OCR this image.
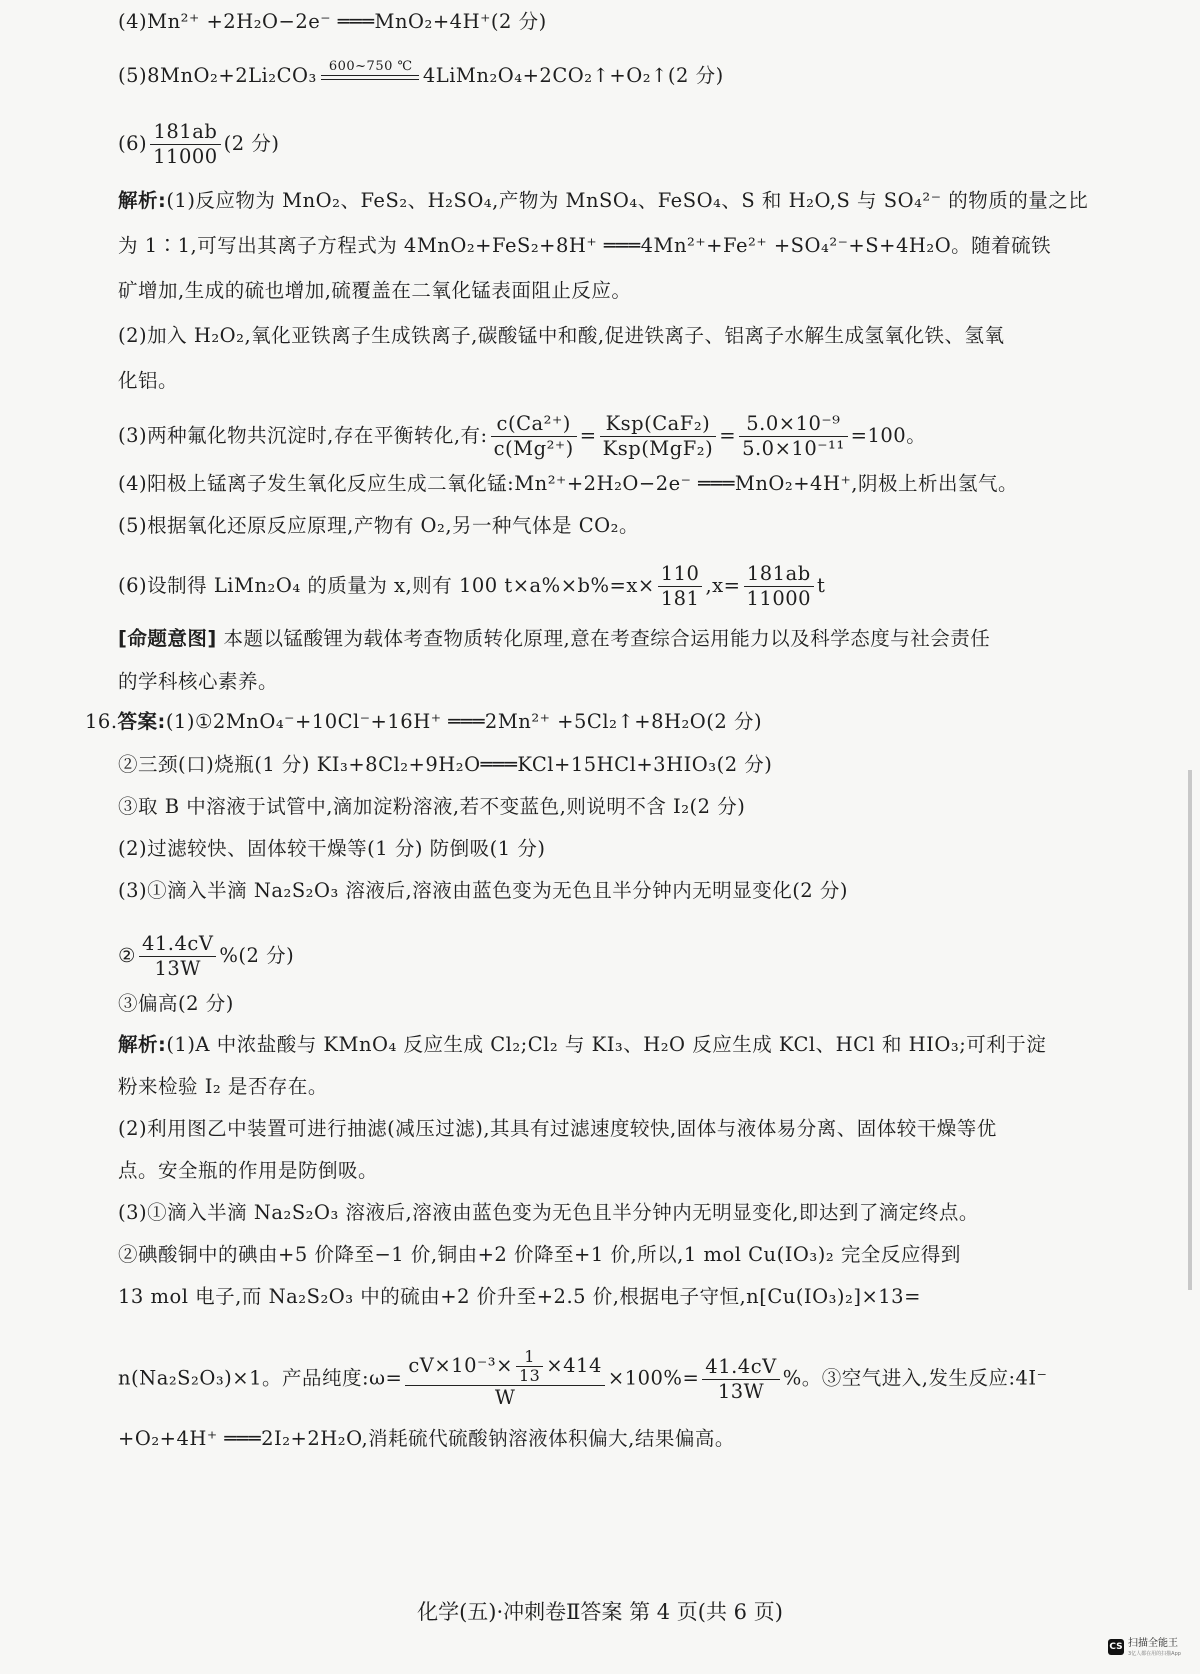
(4)Mn²⁺ +2H₂O−2e⁻ ═══MnO₂+4H⁺(2 分)
(5)8MnO₂+2Li₂CO₃ 600~750 ℃ 4LiMn₂O₄+2CO₂↑+O₂↑(2 分)
$(6) \frac{181ab}{11000} (2$ 分)
解析:(1)反应物为 MnO₂、FeS₂、H₂SO₄,产物为 MnSO₄、FeSO₄、S 和 H₂O,S 与 SO₄²⁻ 的物质的量之比
为 1∶1,可写出其离子方程式为 4MnO₂+FeS₂+8H⁺ ═══4Mn²⁺+Fe²⁺ +SO₄²⁻+S+4H₂O。随着硫铁
矿增加,生成的硫也增加,硫覆盖在二氧化锰表面阻止反应。
(2)加入 H₂O₂,氧化亚铁离子生成铁离子,碳酸锰中和酸,促进铁离子、铝离子水解生成氢氧化铁、氢氧
化铝。
(3)两种氟化物共沉淀时,存在平衡转化,有: $\frac{\text{c(Ca²⁺)}}{\text{c(Mg²⁺)}} = \frac{\text{Ksp(CaF₂)}}{\text{Ksp(MgF₂)}} = \frac{\text{5.0×10⁻⁹}}{\text{5.0×10⁻¹¹}} =100$。
(4)阳极上锰离子发生氧化反应生成二氧化锰:Mn²⁺+2H₂O−2e⁻ ═══MnO₂+4H⁺,阴极上析出氢气。
(5)根据氧化还原反应原理,产物有 O₂,另一种气体是 CO₂。
(6)设制得 LiMn₂O₄ 的质量为 x,则有 100 $t\times a\%\times b\%=x\times \frac{110}{181} ,x= \frac{181ab}{11000}$ t
[命题意图] 本题以锰酸锂为载体考查物质转化原理,意在考查综合运用能力以及科学态度与社会责任
的学科核心素养。
16.答案:(1)①2MnO₄⁻+10Cl⁻+16H⁺ ═══2Mn²⁺ +5Cl₂↑+8H₂O(2 分)
②三颈(口)烧瓶(1 分) KI₃+8Cl₂+9H₂O═══KCl+15HCl+3HIO₃(2 分)
③取 B 中溶液于试管中,滴加淀粉溶液,若不变蓝色,则说明不含 I₂(2 分)
(2)过滤较快、固体较干燥等(1 分) 防倒吸(1 分)
(3)①滴入半滴 Na₂S₂O₃ 溶液后,溶液由蓝色变为无色且半分钟内无明显变化(2 分)
② $\frac{41.4cV}{13W} \%(2$ 分)
③偏高(2 分)
解析:(1)A 中浓盐酸与 KMnO₄ 反应生成 Cl₂;Cl₂ 与 KI₃、H₂O 反应生成 KCl、HCl 和 HIO₃;可利于淀
粉来检验 I₂ 是否存在。
(2)利用图乙中装置可进行抽滤(减压过滤),其具有过滤速度较快,固体与液体易分离、固体较干燥等优
点。安全瓶的作用是防倒吸。
(3)①滴入半滴 Na₂S₂O₃ 溶液后,溶液由蓝色变为无色且半分钟内无明显变化,即达到了滴定终点。
②碘酸铜中的碘由+5 价降至−1 价,铜由+2 价降至+1 价,所以,1 mol Cu(IO₃)₂ 完全反应得到
13 mol 电子,而 Na₂S₂O₃ 中的硫由+2 价升至+2.5 价,根据电子守恒,n[Cu(IO₃)₂]×13=
n(Na₂S₂O₃)×1。产品纯度:ω= $\frac{cV\times 10^{-3}\times \frac{1}{13} \times 414}{W} \times 100\%= \frac{41.4cV}{13W}$ %。③空气进入,发生反应:4I⁻
+O₂+4H⁺ ═══2I₂+2H₂O,消耗硫代硫酸钠溶液体积偏大,结果偏高。
化学(五)·冲刺卷Ⅱ答案 第 4 页(共 6 页)
CS 扫描全能王
3亿人都在用的扫描App
